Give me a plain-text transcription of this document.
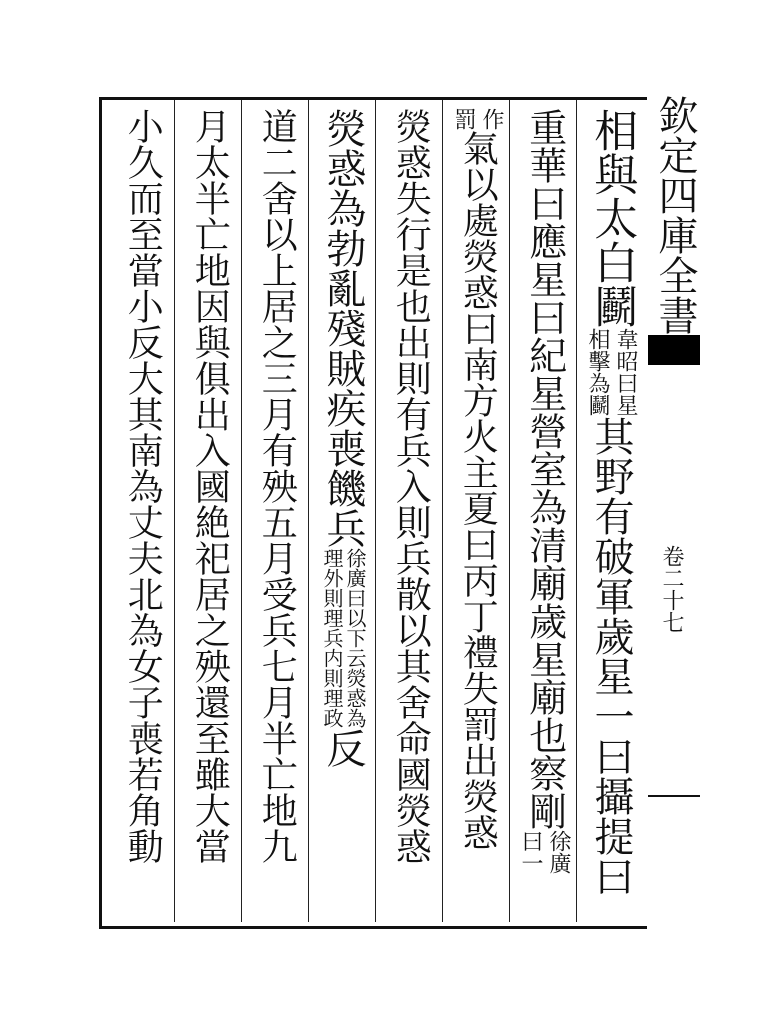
欽定四庫全書
卷二十七
相與太白鬬
相擊為鬬 韋昭曰星
其野有破軍歲星一曰攝提曰
重華曰應星曰紀星營室為清廟歲星廟也察剛
曰一 徐廣
罰 作
氣以處熒惑曰南方火主夏曰丙丁禮失罰出熒惑
熒惑失行是也出則有兵入則兵散以其舍命國熒惑
熒惑為勃亂殘賊疾喪饑兵
理外則理兵内則理政 徐廣曰以下云熒惑為
反
道二舍以上居之三月有殃五月受兵七月半亡地九
月太半亡地因與俱出入國絶祀居之殃還至雖大當
小久而至當小反大其南為丈夫北為女子喪若角動
